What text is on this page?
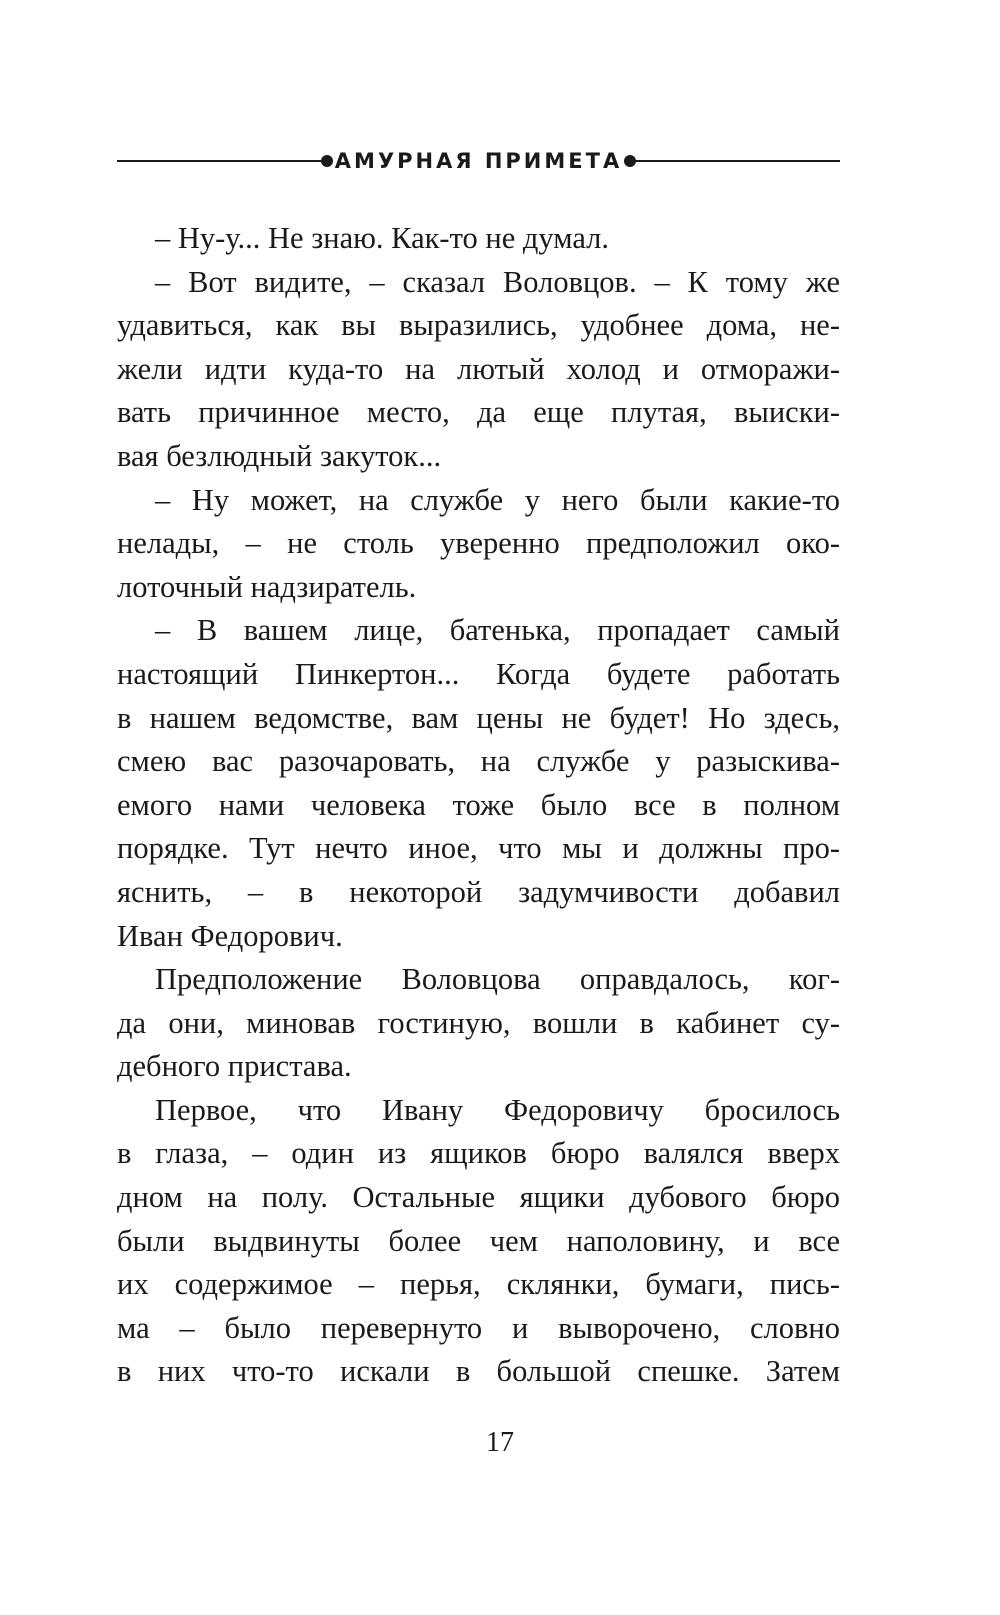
АМУРНАЯ ПРИМЕТА
– Ну-у... Не знаю. Как-то не думал.
– Вот видите, – сказал Воловцов. – К тому же
удавиться, как вы выразились, удобнее дома, не-
жели идти куда-то на лютый холод и отморажи-
вать причинное место, да еще плутая, выиски-
вая безлюдный закуток...
– Ну может, на службе у него были какие-то
нелады, – не столь уверенно предположил око-
лоточный надзиратель.
– В вашем лице, батенька, пропадает самый
настоящий Пинкертон... Когда будете работать
в нашем ведомстве, вам цены не будет! Но здесь,
смею вас разочаровать, на службе у разыскива-
емого нами человека тоже было все в полном
порядке. Тут нечто иное, что мы и должны про-
яснить, – в некоторой задумчивости добавил
Иван Федорович.
Предположение Воловцова оправдалось, ког-
да они, миновав гостиную, вошли в кабинет су-
дебного пристава.
Первое, что Ивану Федоровичу бросилось
в глаза, – один из ящиков бюро валялся вверх
дном на полу. Остальные ящики дубового бюро
были выдвинуты более чем наполовину, и все
их содержимое – перья, склянки, бумаги, пись-
ма – было перевернуто и выворочено, словно
в них что-то искали в большой спешке. Затем
17
